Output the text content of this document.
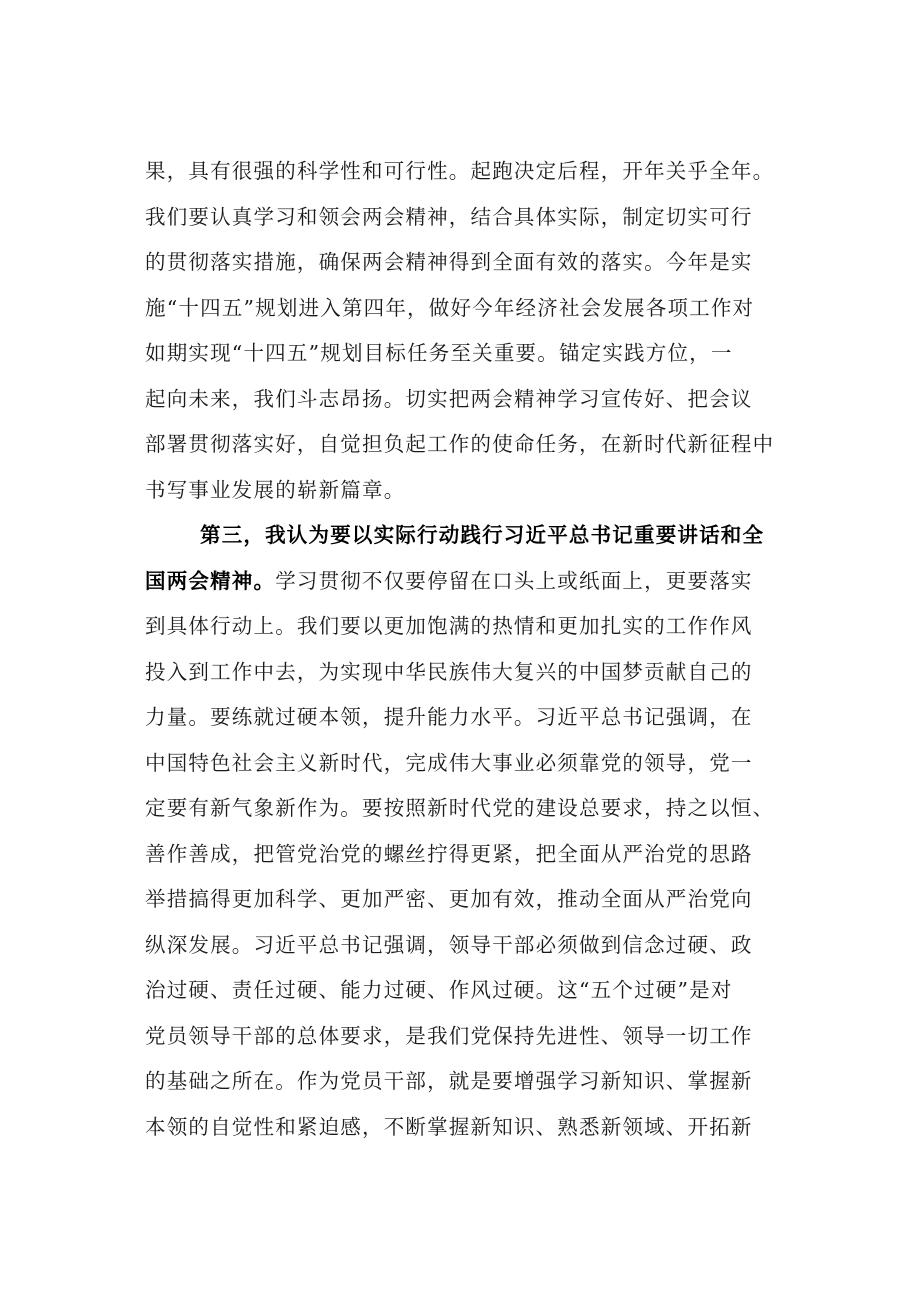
果，具有很强的科学性和可行性。起跑决定后程，开年关乎全年。
我们要认真学习和领会两会精神，结合具体实际，制定切实可行
的贯彻落实措施，确保两会精神得到全面有效的落实。今年是实
施“十四五”规划进入第四年，做好今年经济社会发展各项工作对
如期实现“十四五”规划目标任务至关重要。锚定实践方位，一
起向未来，我们斗志昂扬。切实把两会精神学习宣传好、把会议
部署贯彻落实好，自觉担负起工作的使命任务，在新时代新征程中
书写事业发展的崭新篇章。
第三，我认为要以实际行动践行习近平总书记重要讲话和全
国两会精神。学习贯彻不仅要停留在口头上或纸面上，更要落实
到具体行动上。我们要以更加饱满的热情和更加扎实的工作作风
投入到工作中去，为实现中华民族伟大复兴的中国梦贡献自己的
力量。要练就过硬本领，提升能力水平。习近平总书记强调，在
中国特色社会主义新时代，完成伟大事业必须靠党的领导，党一
定要有新气象新作为。要按照新时代党的建设总要求，持之以恒、
善作善成，把管党治党的螺丝拧得更紧，把全面从严治党的思路
举措搞得更加科学、更加严密、更加有效，推动全面从严治党向
纵深发展。习近平总书记强调，领导干部必须做到信念过硬、政
治过硬、责任过硬、能力过硬、作风过硬。这“五个过硬”是对
党员领导干部的总体要求，是我们党保持先进性、领导一切工作
的基础之所在。作为党员干部，就是要增强学习新知识、掌握新
本领的自觉性和紧迫感，不断掌握新知识、熟悉新领域、开拓新
